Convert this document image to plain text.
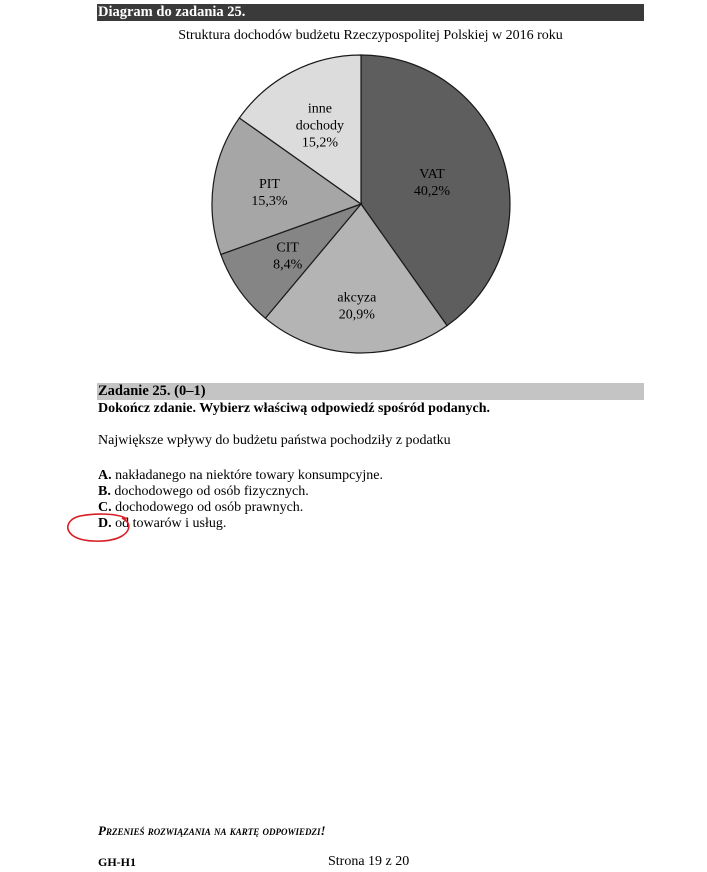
Diagram do zadania 25.
Struktura dochodów budżetu Rzeczypospolitej Polskiej w 2016 roku
VAT
40,2%
akcyza
20,9%
CIT
8,4%
PIT
15,3%
inne
dochody
15,2%
Zadanie 25. (0–1)
Dokończ zdanie. Wybierz właściwą odpowiedź spośród podanych.
Największe wpływy do budżetu państwa pochodziły z podatku
A. nakładanego na niektóre towary konsumpcyjne.
B. dochodowego od osób fizycznych.
C. dochodowego od osób prawnych.
D. od towarów i usług.
Przenieś rozwiązania na kartę odpowiedzi!
GH-H1	Strona 19 z 20
